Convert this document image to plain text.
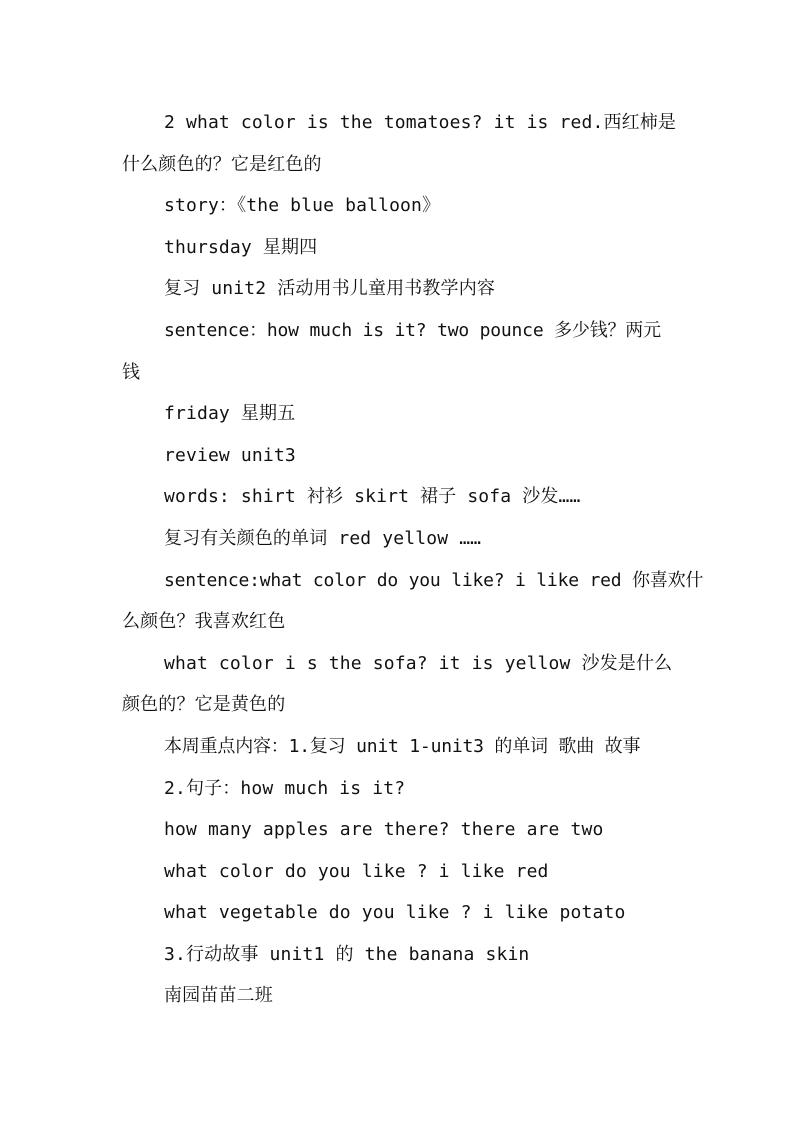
2 what color is the tomatoes? it is red.西红柿是
什么颜色的？它是红色的
story：《the blue balloon》
thursday 星期四
复习 unit2 活动用书儿童用书教学内容
sentence：how much is it? two pounce 多少钱？两元
钱
friday 星期五
review unit3
words: shirt 衬衫 skirt 裙子 sofa 沙发……
复习有关颜色的单词 red yellow ……
sentence:what color do you like? i like red 你喜欢什
么颜色？我喜欢红色
what color i s the sofa? it is yellow 沙发是什么
颜色的？它是黄色的
本周重点内容：1.复习 unit 1-unit3 的单词 歌曲 故事
2.句子：how much is it?
how many apples are there? there are two
what color do you like ? i like red
what vegetable do you like ? i like potato
3.行动故事 unit1 的 the banana skin
南园苗苗二班
